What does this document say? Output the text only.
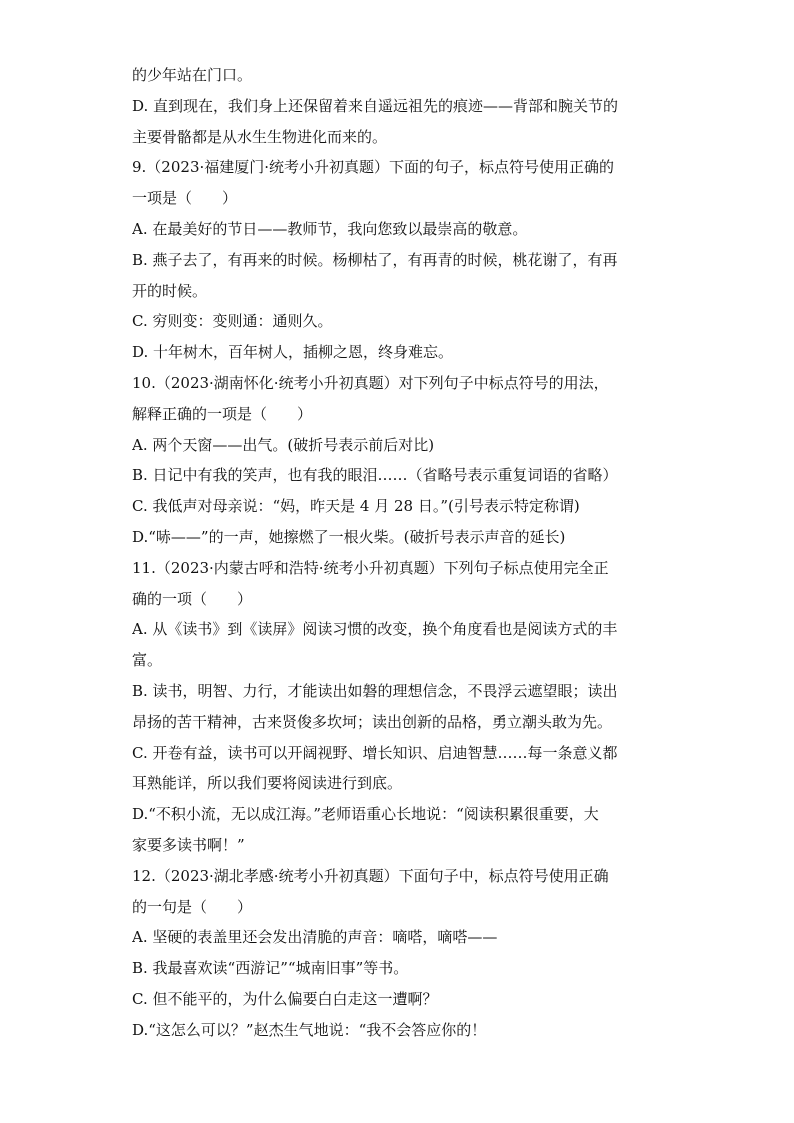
的少年站在门口。
D. 直到现在，我们身上还保留着来自遥远祖先的痕迹——背部和腕关节的
主要骨骼都是从水生生物进化而来的。
9.（2023·福建厦门·统考小升初真题）下面的句子，标点符号使用正确的
一项是（　　）
A. 在最美好的节日——教师节，我向您致以最崇高的敬意。
B. 燕子去了，有再来的时候。杨柳枯了，有再青的时候，桃花谢了，有再
开的时候。
C. 穷则变：变则通：通则久。
D. 十年树木，百年树人，插柳之恩，终身难忘。
10.（2023·湖南怀化·统考小升初真题）对下列句子中标点符号的用法，
解释正确的一项是（　　）
A. 两个天窗——出气。(破折号表示前后对比)
B. 日记中有我的笑声，也有我的眼泪……（省略号表示重复词语的省略）
C. 我低声对母亲说：“妈，昨天是 4 月 28 日。”(引号表示特定称谓)
D.“哧——”的一声，她擦燃了一根火柴。(破折号表示声音的延长)
11.（2023·内蒙古呼和浩特·统考小升初真题）下列句子标点使用完全正
确的一项（　　）
A. 从《读书》到《读屏》阅读习惯的改变，换个角度看也是阅读方式的丰
富。
B. 读书，明智、力行，才能读出如磐的理想信念，不畏浮云遮望眼；读出
昂扬的苦干精神，古来贤俊多坎坷；读出创新的品格，勇立潮头敢为先。
C. 开卷有益，读书可以开阔视野、增长知识、启迪智慧……每一条意义都
耳熟能详，所以我们要将阅读进行到底。
D.“不积小流，无以成江海。”老师语重心长地说：“阅读积累很重要，大
家要多读书啊！”
12.（2023·湖北孝感·统考小升初真题）下面句子中，标点符号使用正确
的一句是（　　）
A. 坚硬的表盖里还会发出清脆的声音：嘀嗒，嘀嗒——
B. 我最喜欢读“西游记”“城南旧事”等书。
C. 但不能平的，为什么偏要白白走这一遭啊？
D.“这怎么可以？”赵杰生气地说：“我不会答应你的！
